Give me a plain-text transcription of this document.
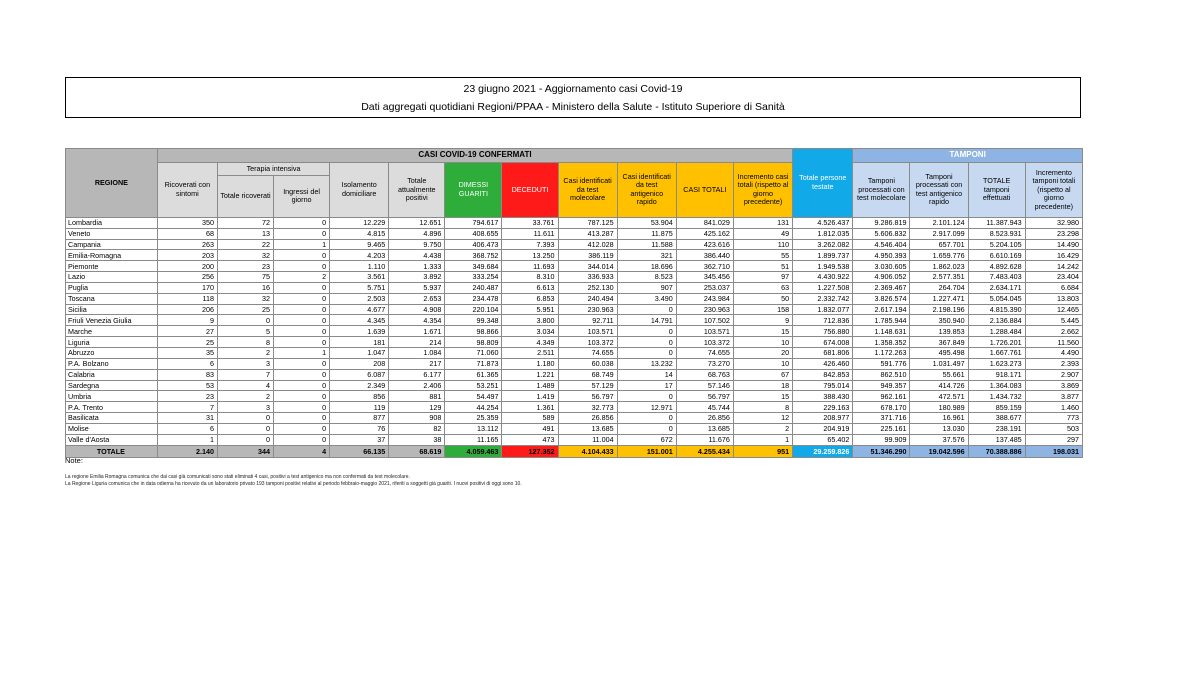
23 giugno 2021 - Aggiornamento casi Covid-19
Dati aggregati quotidiani Regioni/PPAA - Ministero della Salute - Istituto Superiore di Sanità
REGIONE	CASI COVID-19 CONFERMATI											Totale persone testate	TAMPONI			
	Ricoverati con sintomi	Terapia intensiva		Isolamento domiciliare	Totale attualmente positivi	DIMESSI GUARITI	DECEDUTI	Casi identificati da test molecolare	Casi identificati da test antigenico rapido	CASI TOTALI	Incremento casi totali (rispetto al giorno precedente)		Tamponi processati con test molecolare	Tamponi processati con test antigenico rapido	TOTALE tamponi effettuati	Incremento tamponi totali (rispetto al giorno precedente)
		Totale ricoverati	Ingressi del giorno													
Lombardia	350	72	0	12.229	12.651	794.617	33.761	787.125	53.904	841.029	131	4.526.437	9.286.819	2.101.124	11.387.943	32.980
Veneto	68	13	0	4.815	4.896	408.655	11.611	413.287	11.875	425.162	49	1.812.035	5.606.832	2.917.099	8.523.931	23.298
Campania	263	22	1	9.465	9.750	406.473	7.393	412.028	11.588	423.616	110	3.262.082	4.546.404	657.701	5.204.105	14.490
Emilia-Romagna	203	32	0	4.203	4.438	368.752	13.250	386.119	321	386.440	55	1.899.737	4.950.393	1.659.776	6.610.169	16.429
Piemonte	200	23	0	1.110	1.333	349.684	11.693	344.014	18.696	362.710	51	1.949.538	3.030.605	1.862.023	4.892.628	14.242
Lazio	256	75	2	3.561	3.892	333.254	8.310	336.933	8.523	345.456	97	4.430.922	4.906.052	2.577.351	7.483.403	23.404
Puglia	170	16	0	5.751	5.937	240.487	6.613	252.130	907	253.037	63	1.227.508	2.369.467	264.704	2.634.171	6.684
Toscana	118	32	0	2.503	2.653	234.478	6.853	240.494	3.490	243.984	50	2.332.742	3.826.574	1.227.471	5.054.045	13.803
Sicilia	206	25	0	4.677	4.908	220.104	5.951	230.963	0	230.963	158	1.832.077	2.617.194	2.198.196	4.815.390	12.465
Friuli Venezia Giulia	9	0	0	4.345	4.354	99.348	3.800	92.711	14.791	107.502	9	712.836	1.785.944	350.940	2.136.884	5.445
Marche	27	5	0	1.639	1.671	98.866	3.034	103.571	0	103.571	15	756.880	1.148.631	139.853	1.288.484	2.662
Liguria	25	8	0	181	214	98.809	4.349	103.372	0	103.372	10	674.008	1.358.352	367.849	1.726.201	11.560
Abruzzo	35	2	1	1.047	1.084	71.060	2.511	74.655	0	74.655	20	681.806	1.172.263	495.498	1.667.761	4.490
P.A. Bolzano	6	3	0	208	217	71.873	1.180	60.038	13.232	73.270	10	426.460	591.776	1.031.497	1.623.273	2.393
Calabria	83	7	0	6.087	6.177	61.365	1.221	68.749	14	68.763	67	842.853	862.510	55.661	918.171	2.907
Sardegna	53	4	0	2.349	2.406	53.251	1.489	57.129	17	57.146	18	795.014	949.357	414.726	1.364.083	3.869
Umbria	23	2	0	856	881	54.497	1.419	56.797	0	56.797	15	388.430	962.161	472.571	1.434.732	3.877
P.A. Trento	7	3	0	119	129	44.254	1.361	32.773	12.971	45.744	8	229.163	678.170	180.989	859.159	1.460
Basilicata	31	0	0	877	908	25.359	589	26.856	0	26.856	12	208.977	371.716	16.961	388.677	773
Molise	6	0	0	76	82	13.112	491	13.685	0	13.685	2	204.919	225.161	13.030	238.191	503
Valle d'Aosta	1	0	0	37	38	11.165	473	11.004	672	11.676	1	65.402	99.909	37.576	137.485	297
TOTALE	2.140	344	4	66.135	68.619	4.059.463	127.352	4.104.433	151.001	4.255.434	951	29.259.826	51.346.290	19.042.596	70.388.886	198.031
Note:
La regione Emilia Romagna comunica che dai casi già comunicati sono stati eliminati 4 casi, positivi a test antigenico ma non confermati da test molecolare.
La Regione Liguria comunica che in data odierna ha ricevuto da un laboratorio privato 193 tamponi positivi relativi al periodo febbraio-maggio 2021, riferiti a soggetti già guariti. I nuovi positivi di oggi sono 10.
